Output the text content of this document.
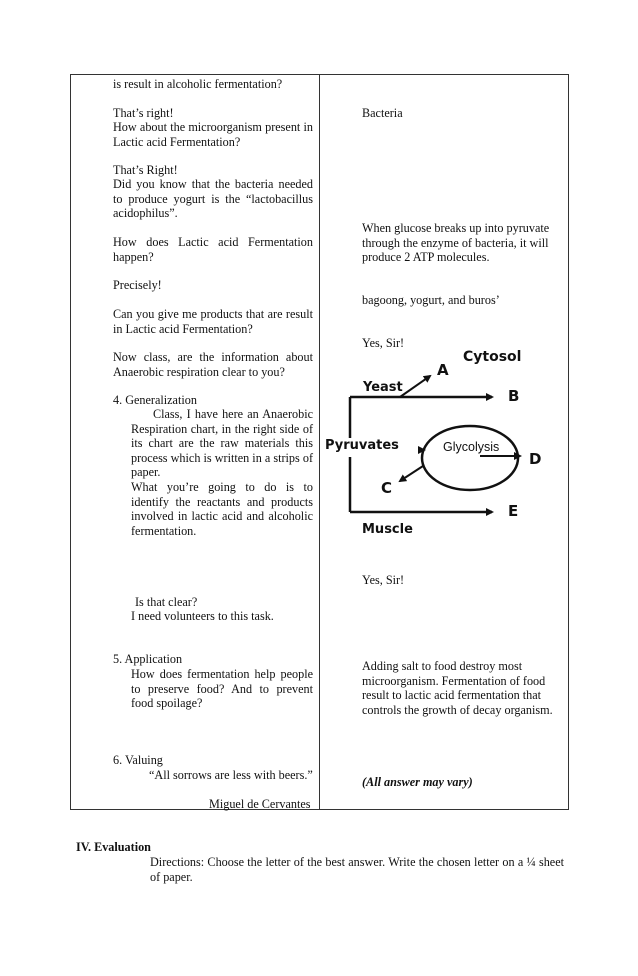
is result in alcoholic fermentation?
That’s right!
How about the microorganism present in Lactic acid Fermentation?
That’s Right!
Did you know that the bacteria needed to produce yogurt is the “lactobacillus acidophilus”.
How does Lactic acid Fermentation happen?
Precisely!
Can you give me products that are result in Lactic acid Fermentation?
Now class, are the information about Anaerobic respiration clear to you?
4. Generalization
Class, I have here an Anaerobic Respiration chart, in the right side of its chart are the raw materials this process which is written in a strips of paper.
What you’re going to do is to identify the reactants and products involved in lactic acid and alcoholic fermentation.
Is that clear?
I need volunteers to this task.
5. Application
How does fermentation help people to preserve food? And to prevent food spoilage?
6. Valuing
“All sorrows are less with beers.”
Miguel de Cervantes
Bacteria
When glucose breaks up into pyruvate through the enzyme of bacteria, it will produce 2 ATP molecules.
bagoong, yogurt, and buros’
Yes, Sir!
Cytosol
A
Yeast	B
Pyruvates	Glycolysis
D
C
E
Muscle
Yes, Sir!
Adding salt to food destroy most microorganism. Fermentation of food result to lactic acid fermentation that controls the growth of decay organism.
(All answer may vary)
IV. Evaluation
Directions: Choose the letter of the best answer. Write the chosen letter on a ¼ sheet of paper.
